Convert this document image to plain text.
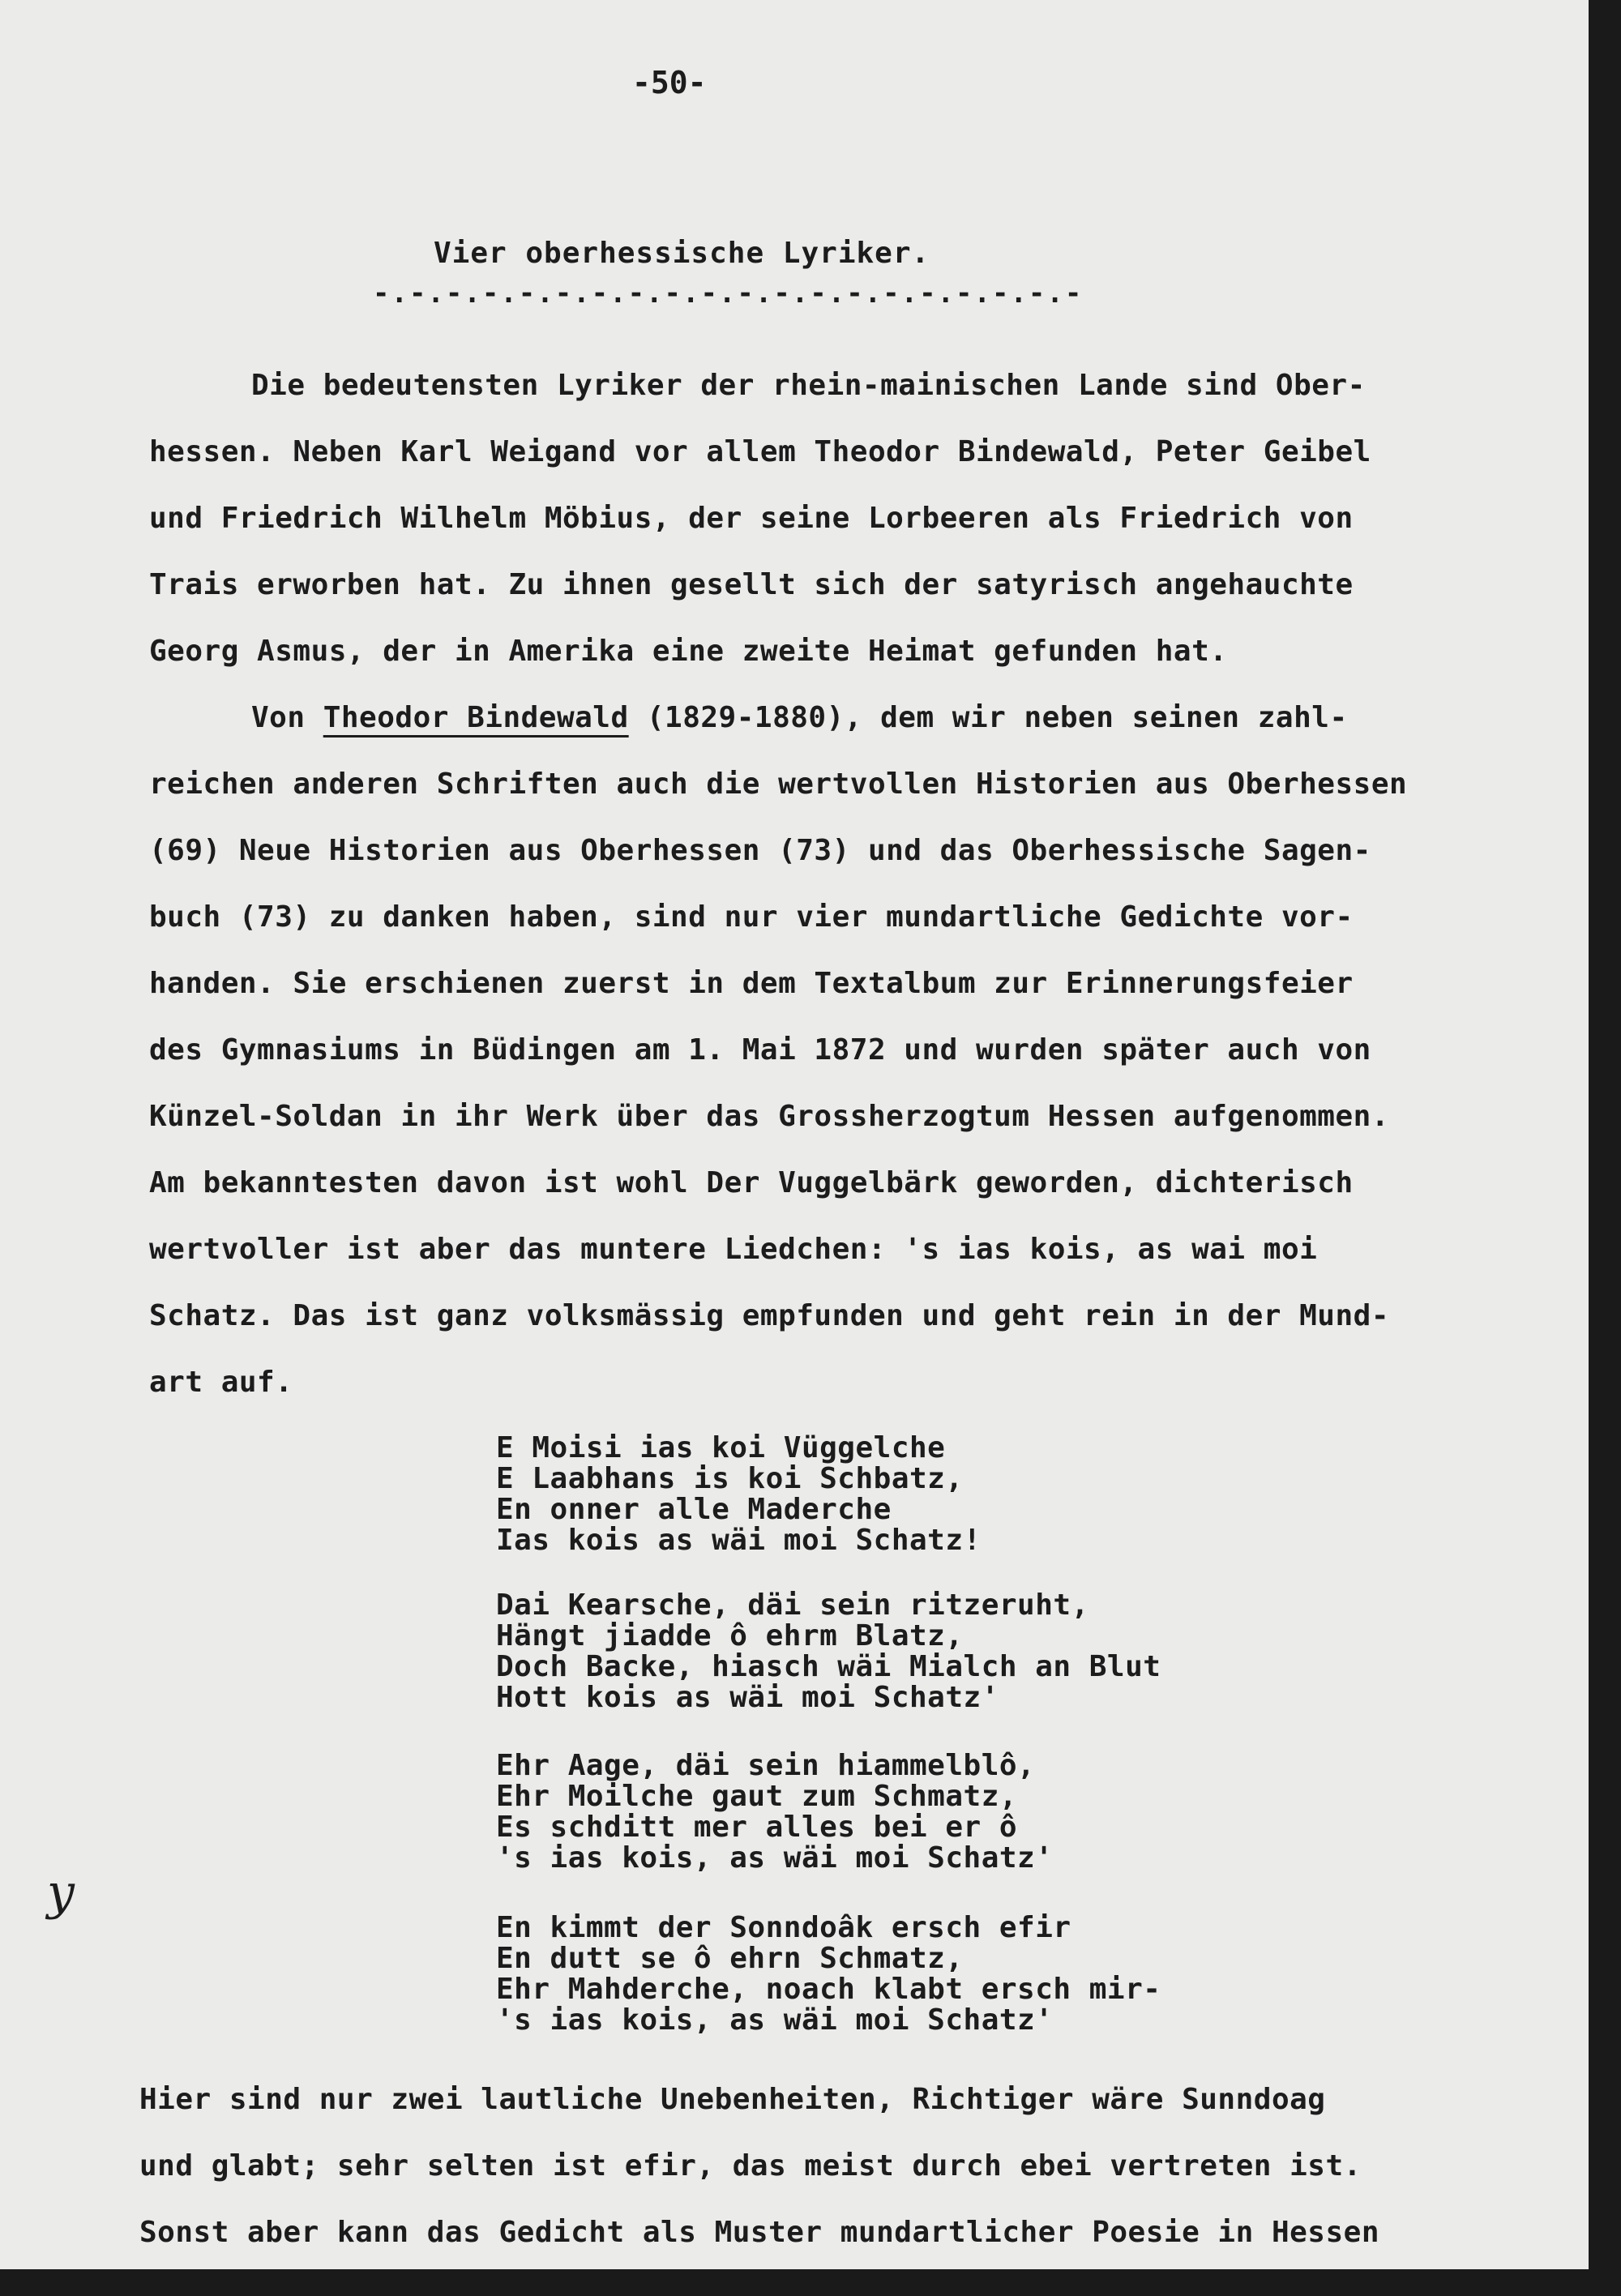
-50-
Vier oberhessische Lyriker.
-.-.-.-.-.-.-.-.-.-.-.-.-.-.-.-.-.-.-.-
Die bedeutensten Lyriker der rhein-mainischen Lande sind Ober-
hessen. Neben Karl Weigand vor allem Theodor Bindewald, Peter Geibel
und Friedrich Wilhelm Möbius, der seine Lorbeeren als Friedrich von
Trais erworben hat. Zu ihnen gesellt sich der satyrisch angehauchte
Georg Asmus, der in Amerika eine zweite Heimat gefunden hat.
Von Theodor Bindewald (1829-1880), dem wir neben seinen zahl-
reichen anderen Schriften auch die wertvollen Historien aus Oberhessen
(69) Neue Historien aus Oberhessen (73) und das Oberhessische Sagen-
buch (73) zu danken haben, sind nur vier mundartliche Gedichte vor-
handen. Sie erschienen zuerst in dem Textalbum zur Erinnerungsfeier
des Gymnasiums in Büdingen am 1. Mai 1872 und wurden später auch von
Künzel-Soldan in ihr Werk über das Grossherzogtum Hessen aufgenommen.
Am bekanntesten davon ist wohl Der Vuggelbärk geworden, dichterisch
wertvoller ist aber das muntere Liedchen: 's ias kois, as wai moi
Schatz. Das ist ganz volksmässig empfunden und geht rein in der Mund-
art auf.
E Moisi ias koi Vüggelche
E Laabhans is koi Schbatz,
En onner alle Maderche
Ias kois as wäi moi Schatz!
Dai Kearsche, däi sein ritzeruht,
Hängt jiadde ô ehrm Blatz,
Doch Backe, hiasch wäi Mialch an Blut
Hott kois as wäi moi Schatz'
Ehr Aage, däi sein hiammelblô,
Ehr Moilche gaut zum Schmatz,
Es schditt mer alles bei er ô
's ias kois, as wäi moi Schatz'
En kimmt der Sonndoâk ersch efir
En dutt se ô ehrn Schmatz,
Ehr Mahderche, noach klabt ersch mir-
's ias kois, as wäi moi Schatz'
y
Hier sind nur zwei lautliche Unebenheiten, Richtiger wäre Sunndoag
und glabt; sehr selten ist efir, das meist durch ebei vertreten ist.
Sonst aber kann das Gedicht als Muster mundartlicher Poesie in Hessen
